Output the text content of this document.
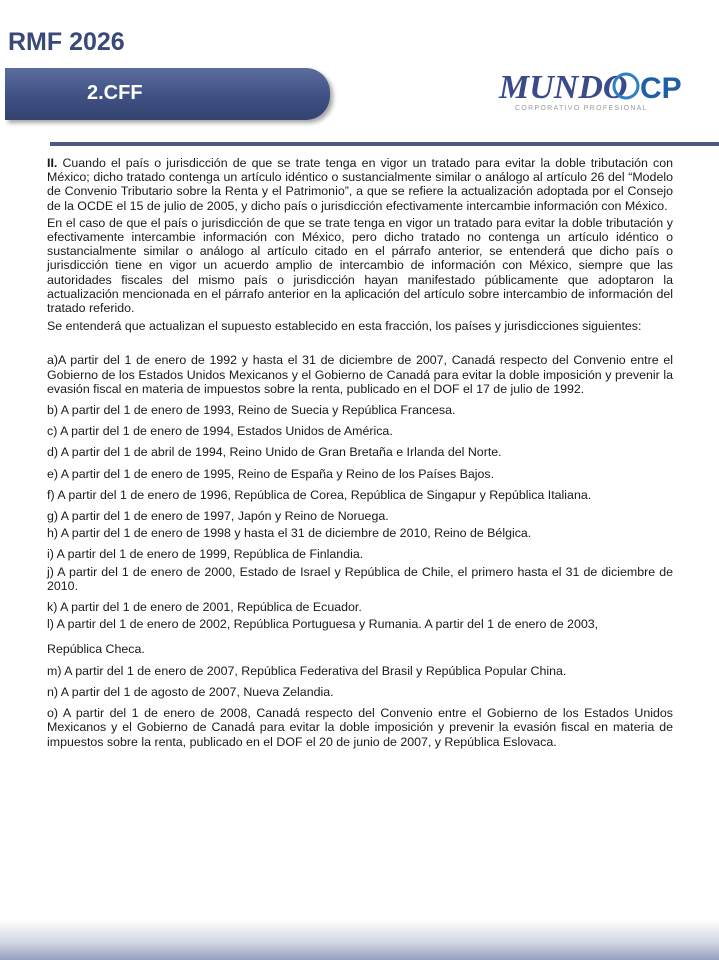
RMF 2026
2.CFF	MUNDO CP
CORPORATIVO PROFESIONAL

II. Cuando el país o jurisdicción de que se trate tenga en vigor un tratado para evitar la doble tributación con México; dicho tratado contenga un artículo idéntico o sustancialmente similar o análogo al artículo 26 del “Modelo de Convenio Tributario sobre la Renta y el Patrimonio”, a que se refiere la actualización adoptada por el Consejo de la OCDE el 15 de julio de 2005, y dicho país o jurisdicción efectivamente intercambie información con México.

En el caso de que el país o jurisdicción de que se trate tenga en vigor un tratado para evitar la doble tributación y efectivamente intercambie información con México, pero dicho tratado no contenga un artículo idéntico o sustancialmente similar o análogo al artículo citado en el párrafo anterior, se entenderá que dicho país o jurisdicción tiene en vigor un acuerdo amplio de intercambio de información con México, siempre que las autoridades fiscales del mismo país o jurisdicción hayan manifestado públicamente que adoptaron la actualización mencionada en el párrafo anterior en la aplicación del artículo sobre intercambio de información del tratado referido.

Se entenderá que actualizan el supuesto establecido en esta fracción, los países y jurisdicciones siguientes:

a)A partir del 1 de enero de 1992 y hasta el 31 de diciembre de 2007, Canadá respecto del Convenio entre el Gobierno de los Estados Unidos Mexicanos y el Gobierno de Canadá para evitar la doble imposición y prevenir la evasión fiscal en materia de impuestos sobre la renta, publicado en el DOF el 17 de julio de 1992.

b) A partir del 1 de enero de 1993, Reino de Suecia y República Francesa.

c) A partir del 1 de enero de 1994, Estados Unidos de América.

d) A partir del 1 de abril de 1994, Reino Unido de Gran Bretaña e Irlanda del Norte.

e) A partir del 1 de enero de 1995, Reino de España y Reino de los Países Bajos.

f) A partir del 1 de enero de 1996, República de Corea, República de Singapur y República Italiana.

g) A partir del 1 de enero de 1997, Japón y Reino de Noruega.

h) A partir del 1 de enero de 1998 y hasta el 31 de diciembre de 2010, Reino de Bélgica.

i) A partir del 1 de enero de 1999, República de Finlandia.

j) A partir del 1 de enero de 2000, Estado de Israel y República de Chile, el primero hasta el 31 de diciembre de 2010.

k) A partir del 1 de enero de 2001, República de Ecuador.

l) A partir del 1 de enero de 2002, República Portuguesa y Rumania. A partir del 1 de enero de 2003,

República Checa.

m) A partir del 1 de enero de 2007, República Federativa del Brasil y República Popular China.

n) A partir del 1 de agosto de 2007, Nueva Zelandia.

o) A partir del 1 de enero de 2008, Canadá respecto del Convenio entre el Gobierno de los Estados Unidos Mexicanos y el Gobierno de Canadá para evitar la doble imposición y prevenir la evasión fiscal en materia de impuestos sobre la renta, publicado en el DOF el 20 de junio de 2007, y República Eslovaca.
